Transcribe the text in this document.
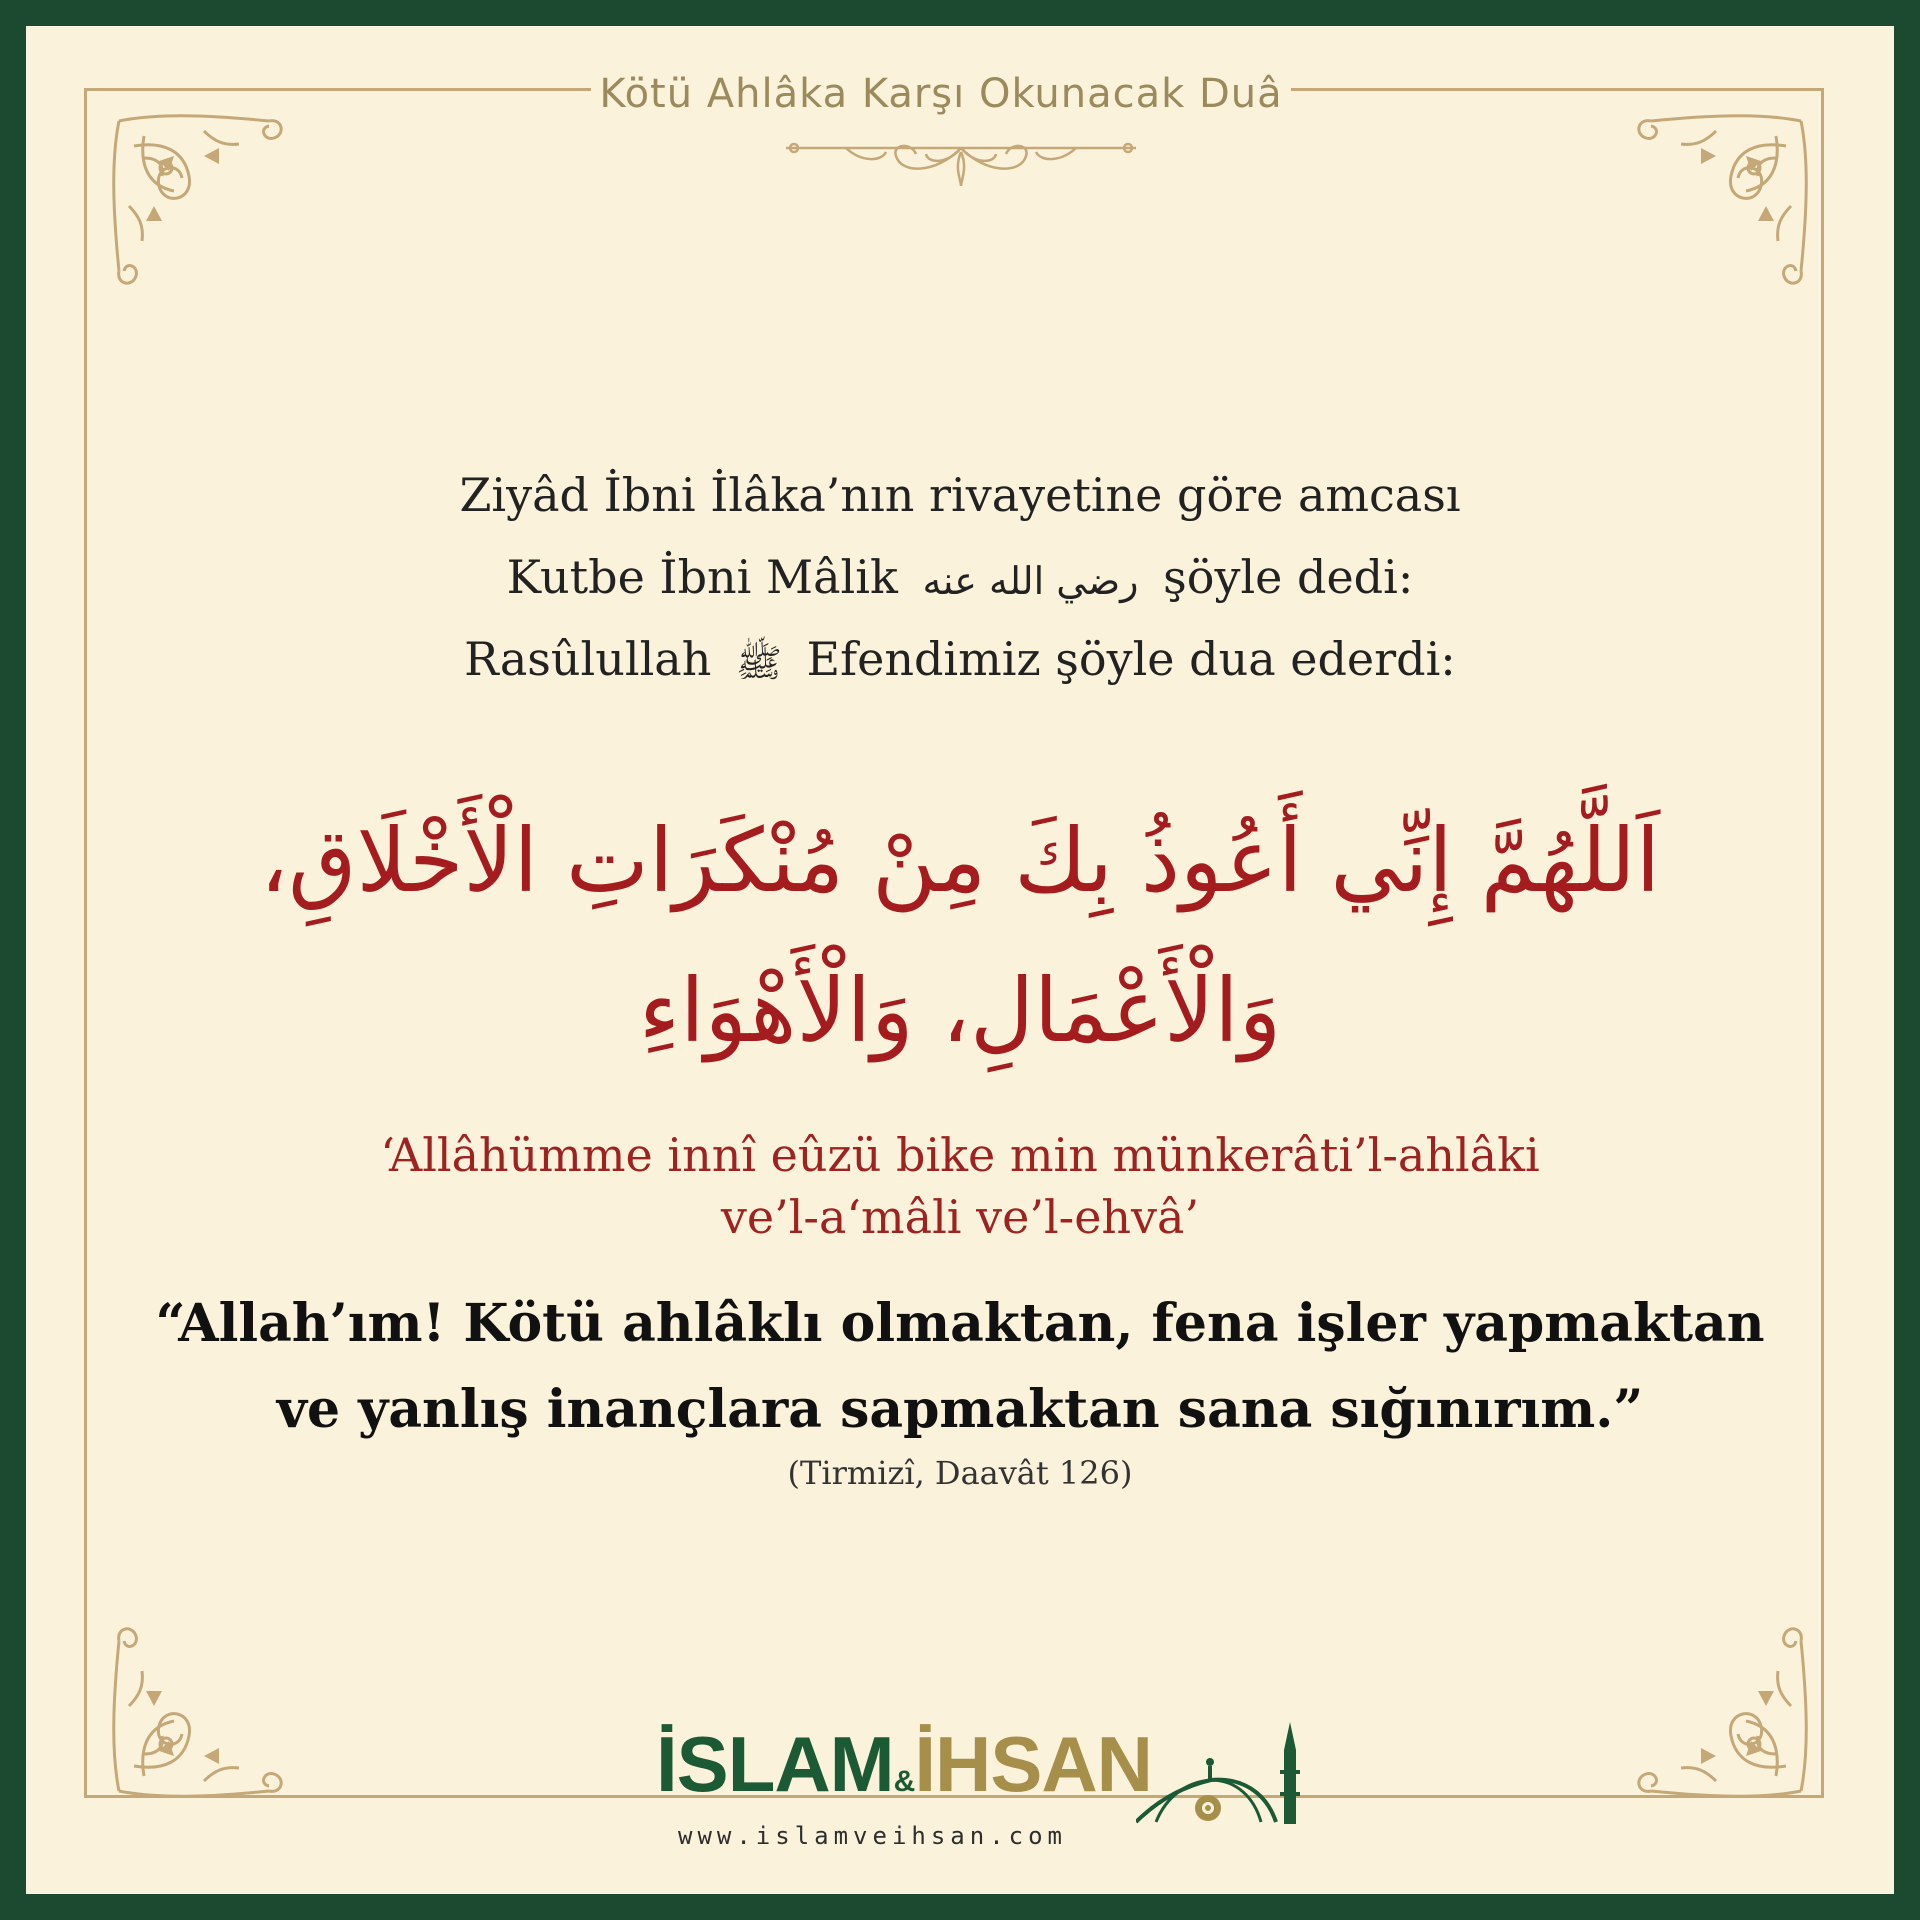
Kötü Ahlâka Karşı Okunacak Duâ
Ziyâd İbni İlâka’nın rivayetine göre amcası
Kutbe İbni Mâlik رضي الله عنه şöyle dedi:
Rasûlullah ﷺ Efendimiz şöyle dua ederdi:
اَللَّهُمَّ إِنِّي أَعُوذُ بِكَ مِنْ مُنْكَرَاتِ الْأَخْلَاقِ،
وَالْأَعْمَالِ، وَالْأَهْوَاءِ
‘Allâhümme innî eûzü bike min münkerâti’l-ahlâki
ve’l-a‘mâli ve’l-ehvâ’
“Allah’ım! Kötü ahlâklı olmaktan, fena işler yapmaktan
ve yanlış inançlara sapmaktan sana sığınırım.”
(Tirmizî, Daavât 126)
İSLAM&İHSAN
www.islamveihsan.com
